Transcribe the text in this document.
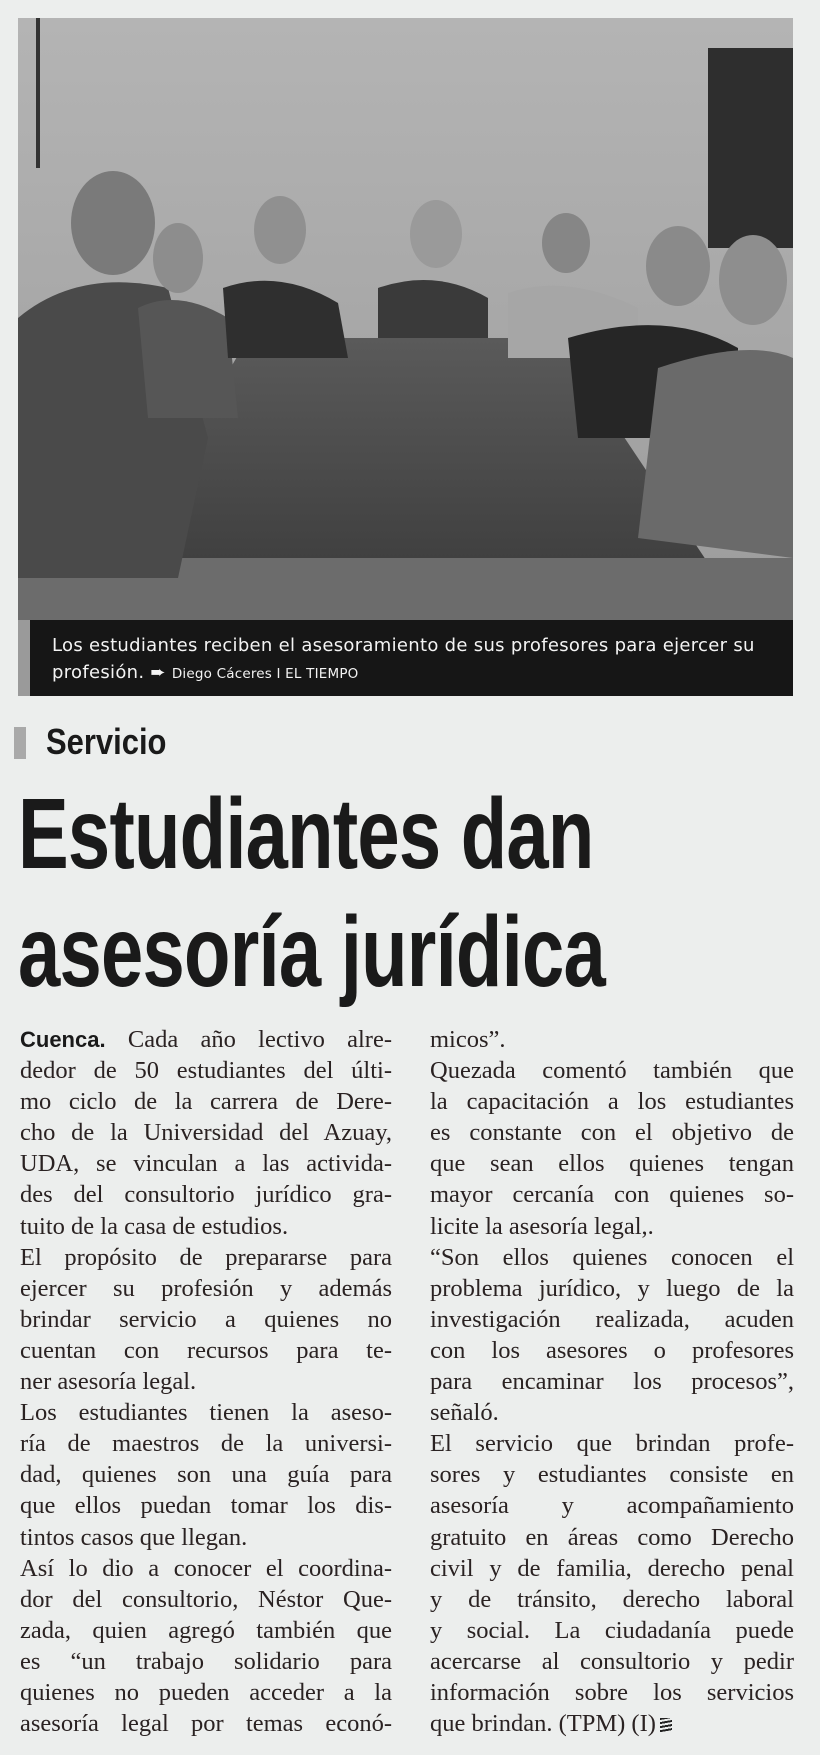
Los estudiantes reciben el asesoramiento de sus profesores para ejercer su profesión. ➨ Diego Cáceres I EL TIEMPO
Servicio
Estudiantes dan
asesoría jurídica
Cuenca. Cada año lectivo alre-
dedor de 50 estudiantes del últi-
mo ciclo de la carrera de Dere-
cho de la Universidad del Azuay,
UDA, se vinculan a las activida-
des del consultorio jurídico gra-
tuito de la casa de estudios.
El propósito de prepararse para
ejercer su profesión y además
brindar servicio a quienes no
cuentan con recursos para te-
ner asesoría legal.
Los estudiantes tienen la aseso-
ría de maestros de la universi-
dad, quienes son una guía para
que ellos puedan tomar los dis-
tintos casos que llegan.
Así lo dio a conocer el coordina-
dor del consultorio, Néstor Que-
zada, quien agregó también que
es “un trabajo solidario para
quienes no pueden acceder a la
asesoría legal por temas econó-
micos”.
Quezada comentó también que
la capacitación a los estudiantes
es constante con el objetivo de
que sean ellos quienes tengan
mayor cercanía con quienes so-
licite la asesoría legal,.
“Son ellos quienes conocen el
problema jurídico, y luego de la
investigación realizada, acuden
con los asesores o profesores
para encaminar los procesos”,
señaló.
El servicio que brindan profe-
sores y estudiantes consiste en
asesoría y acompañamiento
gratuito en áreas como Derecho
civil y de familia, derecho penal
y de tránsito, derecho laboral
y social. La ciudadanía puede
acercarse al consultorio y pedir
información sobre los servicios
que brindan. (TPM) (I)
